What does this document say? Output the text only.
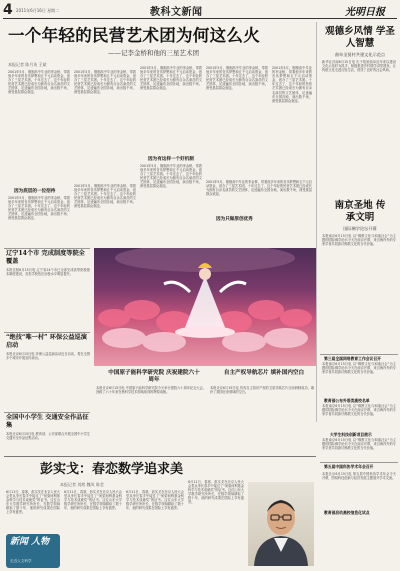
4 2011年6月16日 星期二	教科文新闻	光明日报
一个年轻的民营艺术团为何这么火
——记李金桥和他的三星艺术团
本报记者 陈月英 王斌
2001年5月，刚刚高中毕业的李金桥，带着他多年来的音乐梦想和五千元启动资金，创办了三星艺术团。十年过去了，这个年轻的民营艺术团已经成长为拥有百余名演员的文艺团体，足迹遍布全国各地，演出数千场，深受基层群众欢迎。
2001年5月，刚刚高中毕业的李金桥，带着他多年来的音乐梦想和五千元启动资金，创办了三星艺术团。十年过去了，这个年轻的民营艺术团已经成长为拥有百余名演员的文艺团体，足迹遍布全国各地，演出数千场，深受基层群众欢迎。
2001年5月，刚刚高中毕业的李金桥，带着他多年来的音乐梦想和五千元启动资金，创办了三星艺术团。十年过去了，这个年轻的民营艺术团已经成长为拥有百余名演员的文艺团体，足迹遍布全国各地，演出数千场，深受基层群众欢迎。
2001年5月，刚刚高中毕业的李金桥，带着他多年来的音乐梦想和五千元启动资金，创办了三星艺术团。十年过去了，这个年轻的民营艺术团已经成长为拥有百余名演员的文艺团体，足迹遍布全国各地，演出数千场，深受基层群众欢迎。
2001年5月，刚刚高中毕业的李金桥，带着他多年来的音乐梦想和五千元启动资金，创办了三星艺术团。十年过去了，这个年轻的民营艺术团已经成长为拥有百余名演员的文艺团体，足迹遍布全国各地，演出数千场，深受基层群众欢迎。
因为底层的一位招待
2001年5月，刚刚高中毕业的李金桥，带着他多年来的音乐梦想和五千元启动资金，创办了三星艺术团。十年过去了，这个年轻的民营艺术团已经成长为拥有百余名演员的文艺团体，足迹遍布全国各地，演出数千场，深受基层群众欢迎。
因为有这样一个好机制
2001年5月，刚刚高中毕业的李金桥，带着他多年来的音乐梦想和五千元启动资金，创办了三星艺术团。十年过去了，这个年轻的民营艺术团已经成长为拥有百余名演员的文艺团体，足迹遍布全国各地，演出数千场，深受基层群众欢迎。
因为只做原创优秀
2001年5月，刚刚高中毕业的李金桥，带着他多年来的音乐梦想和五千元启动资金，创办了三星艺术团。十年过去了，这个年轻的民营艺术团已经成长为拥有百余名演员的文艺团体，足迹遍布全国各地，演出数千场，深受基层群众欢迎。
2001年5月，刚刚高中毕业的李金桥，带着他多年来的音乐梦想和五千元启动资金，创办了三星艺术团。十年过去了，这个年轻的民营艺术团已经成长为拥有百余名演员的文艺团体，足迹遍布全国各地，演出数千场，深受基层群众欢迎。
观德乡风情 学圣人智慧
曲阜圣贤村共建文化示范点
新华社济南6月15日电 孔子故里曲阜近年来以建设文化示范村为抓手，积极推进乡村儒学讲堂建设，让传统文化走进百姓生活，营造了良好的社会风尚。
南京圣地 传承文明
国际佛学论坛开幕
本报南京6月15日电 以“佛教文化与和谐社会”为主题的国际佛学论坛今天在南京开幕，来自海内外的专家学者共同探讨佛教文化的当代价值。
第三届全国网络教育工作会议召开
本报南京6月15日电 以“佛教文化与和谐社会”为主题的国际佛学论坛今天在南京开幕，来自海内外的专家学者共同探讨佛教文化的当代价值。
教育部公布外语类高校名单
本报南京6月15日电 以“佛教文化与和谐社会”为主题的国际佛学论坛今天在南京开幕，来自海内外的专家学者共同探讨佛教文化的当代价值。
大学生科技创新项目展示
本报南京6月15日电 以“佛教文化与和谐社会”为主题的国际佛学论坛今天在南京开幕，来自海内外的专家学者共同探讨佛教文化的当代价值。
辽宁14个市 完成制度等院全覆盖
本报沈阳6月15日电 辽宁省14个市已全部完成高等院校基本制度建设，各类学校依法治校水平明显提升。
“绝技“唯一村” 环保公益巡演启动
本报北京6月15日电 环保公益巡演活动近日启动，将在全国多个城市开展宣传演出。
全国中小学生 交通安全作品征集
本报北京6月15日电 教育部、公安部联合开展全国中小学生交通安全作品征集活动。
中国原子能科学研究院 庆祝建院六十周年
本报北京6月15日电 中国原子能科学研究院今天举行建院六十周年纪念大会，回顾了六十年来在核科学技术领域取得的辉煌成就。
自主产权导航芯片 填补国内空白
本报北京6月15日电 具有自主知识产权的卫星导航芯片日前研制成功，填补了我国在该领域的空白。
彭实戈：春恋数学追求美
本报记者 刘茜 魏凤 陈莹
6月11日，春寒，彭实戈在北京人民大会堂从李长春手中接过了“何梁何利基金科学与技术成就奖”的证书。这位山东大学数学研究所所长，在数学领域耕耘了数十年，他的研究成果在国际上享有盛誉。
6月11日，春寒，彭实戈在北京人民大会堂从李长春手中接过了“何梁何利基金科学与技术成就奖”的证书。这位山东大学数学研究所所长，在数学领域耕耘了数十年，他的研究成果在国际上享有盛誉。
6月11日，春寒，彭实戈在北京人民大会堂从李长春手中接过了“何梁何利基金科学与技术成就奖”的证书。这位山东大学数学研究所所长，在数学领域耕耘了数十年，他的研究成果在国际上享有盛誉。
6月11日，春寒，彭实戈在北京人民大会堂从李长春手中接过了“何梁何利基金科学与技术成就奖”的证书。这位山东大学数学研究所所长，在数学领域耕耘了数十年，他的研究成果在国际上享有盛誉。
新闻 人物
走近人文科学
第五届中国科协学术年会召开
本报北京6月15日电 第五届中国科协学术年会今天开幕，围绕科技创新与经济发展主题展开学术交流。
教育部启动高校信息化试点
